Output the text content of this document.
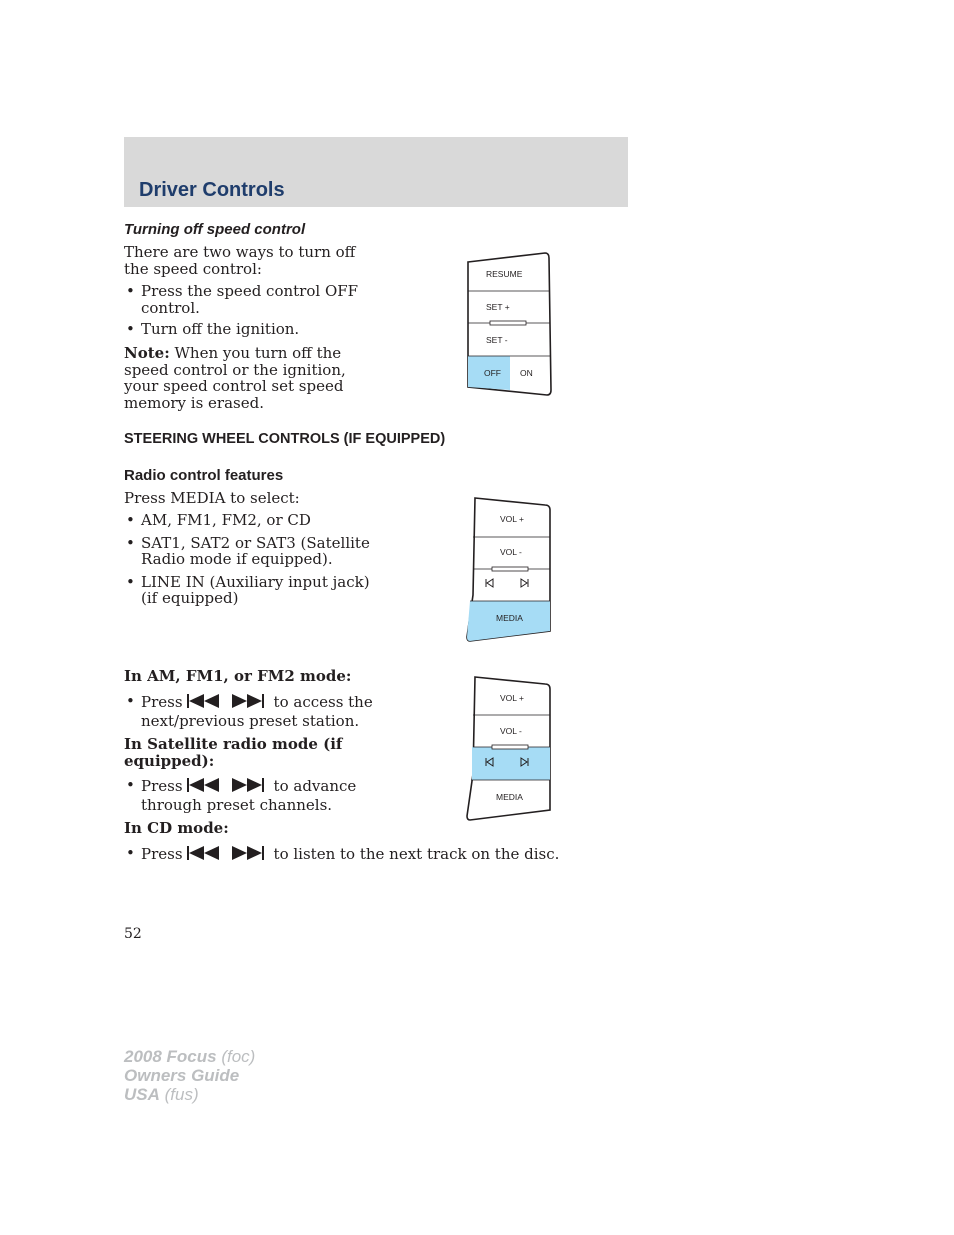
Driver Controls
Turning off speed control

There are two ways to turn off the speed control:

• Press the speed control OFF control.
• Turn off the ignition.

Note: When you turn off the speed control or the ignition, your speed control set speed memory is erased.

RESUME
SET +
SET -
OFF ON
STEERING WHEEL CONTROLS (IF EQUIPPED)
Radio control features

Press MEDIA to select:

• AM, FM1, FM2, or CD
• SAT1, SAT2 or SAT3 (Satellite Radio mode if equipped).
• LINE IN (Auxiliary input jack) (if equipped)
VOL +
VOL -
MEDIA
In AM, FM1, or FM2 mode:
• Press	to access the next/previous preset station.
In Satellite radio mode (if equipped):
• Press	to advance through preset channels.
In CD mode:
• Press	to listen to the next track on the disc.
VOL +
VOL -
MEDIA

52

2008 Focus (foc)
Owners Guide
USA (fus)
